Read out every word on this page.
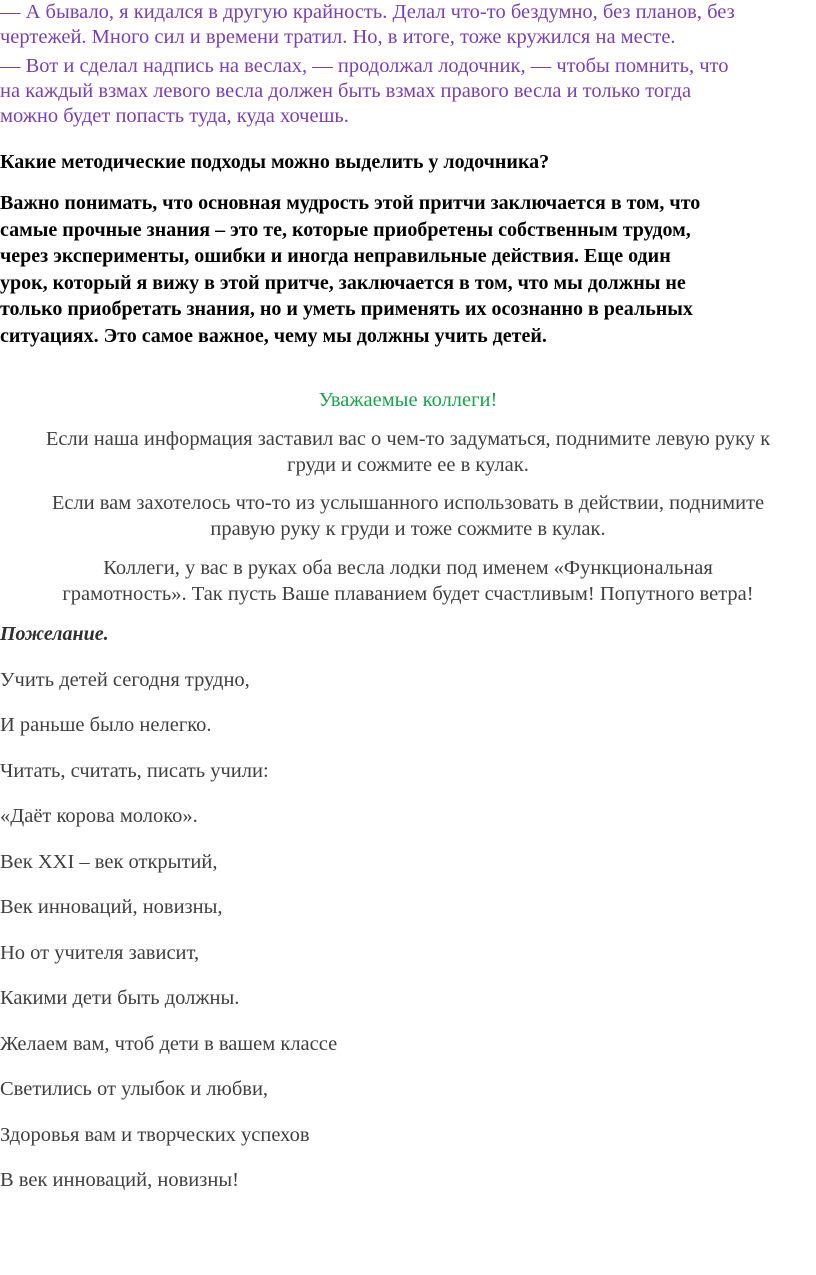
— А бывало, я кидался в другую крайность. Делал что-то бездумно, без планов, без

чертежей. Много сил и времени тратил. Но, в итоге, тоже кружился на месте.

— Вот и сделал надпись на веслах, — продолжал лодочник, — чтобы помнить, что

на каждый взмах левого весла должен быть взмах правого весла и только тогда

можно будет попасть туда, куда хочешь.

Какие методические подходы можно выделить у лодочника?

Важно понимать, что основная мудрость этой притчи заключается в том, что
самые прочные знания – это те, которые приобретены собственным трудом,
через эксперименты, ошибки и иногда неправильные действия. Еще один
урок, который я вижу в этой притче, заключается в том, что мы должны не
только приобретать знания, но и уметь применять их осознанно в реальных
ситуациях. Это самое важное, чему мы должны учить детей.

Уважаемые коллеги!

Если наша информация заставил вас о чем-то задуматься, поднимите левую руку к
груди и сожмите ее в кулак.
Если вам захотелось что-то из услышанного использовать в действии, поднимите
правую руку к груди и тоже сожмите в кулак.
Коллеги, у вас в руках оба весла лодки под именем «Функциональная
грамотность». Так пусть Ваше плаванием будет счастливым! Попутного ветра!

Пожелание.

Учить детей сегодня трудно,

И раньше было нелегко.

Читать, считать, писать учили:

«Даёт корова молоко».

Век XXI – век открытий,

Век инноваций, новизны,

Но от учителя зависит,

Какими дети быть должны.

Желаем вам, чтоб дети в вашем классе

Светились от улыбок и любви,

Здоровья вам и творческих успехов

В век инноваций, новизны!
